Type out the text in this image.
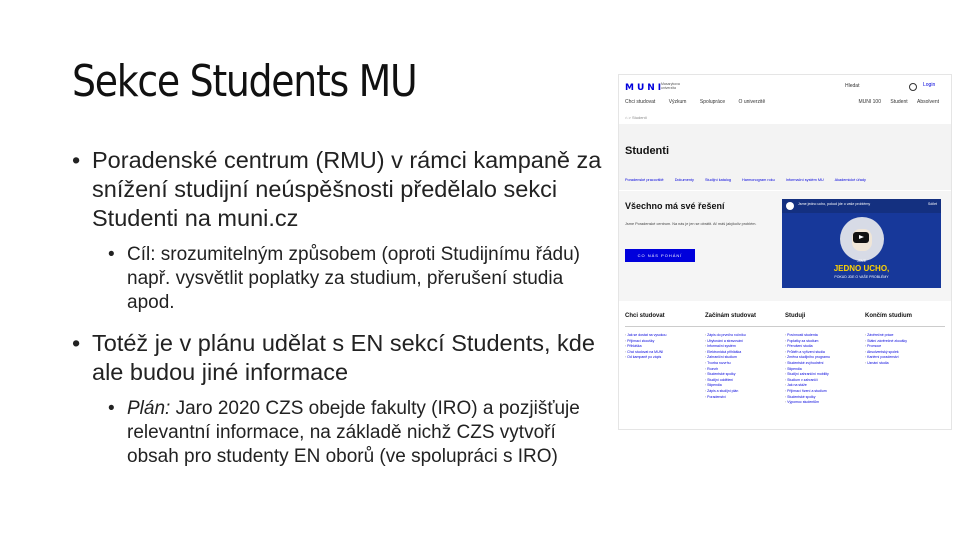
Sekce Students MU
• Poradenské centrum (RMU) v rámci kampaně za snížení studijní neúspěšnosti předělalo sekci Studenti na muni.cz
• Cíl: srozumitelným způsobem (oproti Studijnímu řádu) např. vysvětlit poplatky za studium, přerušení studia apod.
• Totéž je v plánu udělat s EN sekcí Students, kde ale budou jiné informace
• Plán: Jaro 2020 CZS obejde fakulty (IRO) a pozjišťuje relevantní informace, na základě nichž CZS vytvoří obsah pro studenty EN oborů (ve spolupráci s IRO)
MUNI
Masarykova univerzita	Hledat	Login
Chci studovat	Výzkum	Spolupráce	O univerzitě	MUNI 100 Student Absolvent
⌂ > Studenti
Studenti
Poradenské pracoviště	Dokumenty	Studijní katalog	Harmonogram roku	Informační systém MU	Akademické úřady
Všechno má své řešení
Jsme Poradenské centrum. Na nás je jen se obrátit. Ať máš jakýkoliv problém.
CO NÁS POHÁNÍ
Jsme jedno ucho, pokud jde o vaše problémy	Sdílet
JSME
JEDNO UCHO,
POKUD JDE O VAŠE PROBLÉMY
Chci studovat
› Jak se dostat na vysokou
› Přijímací zkoušky
› Přihláška
› Chci studovat na MUNI
› Od kampaně po zápis
Začínám studovat
› Zápis do prvního ročníku
› Ubytování a stravování
› Informační systém
› Elektronická přihláška
› Zahraniční studium
› Tvorba rozvrhu
› Rozvrh
› Studentské spolky
› Studijní oddělení
› Stipendia
› Zápis a studijní plán
› Poradenství
Studuji
› Povinnosti studenta
› Poplatky za studium
› Přerušení studia
› Průběh a vyřízení studia
› Změna studijního programu
› Studentské zvýhodnění
› Stipendia
› Studijní zahraniční mobility
› Studium v zahraničí
› Jak na stáže
› Přijímací řízení a studium
› Studentské spolky
› Výpomoc studentům
Končím studium
› Závěrečné práce
› Státní závěrečné zkoušky
› Promoce
› Absolventský spolek
› Kariérní poradenství
› Uznání studia
